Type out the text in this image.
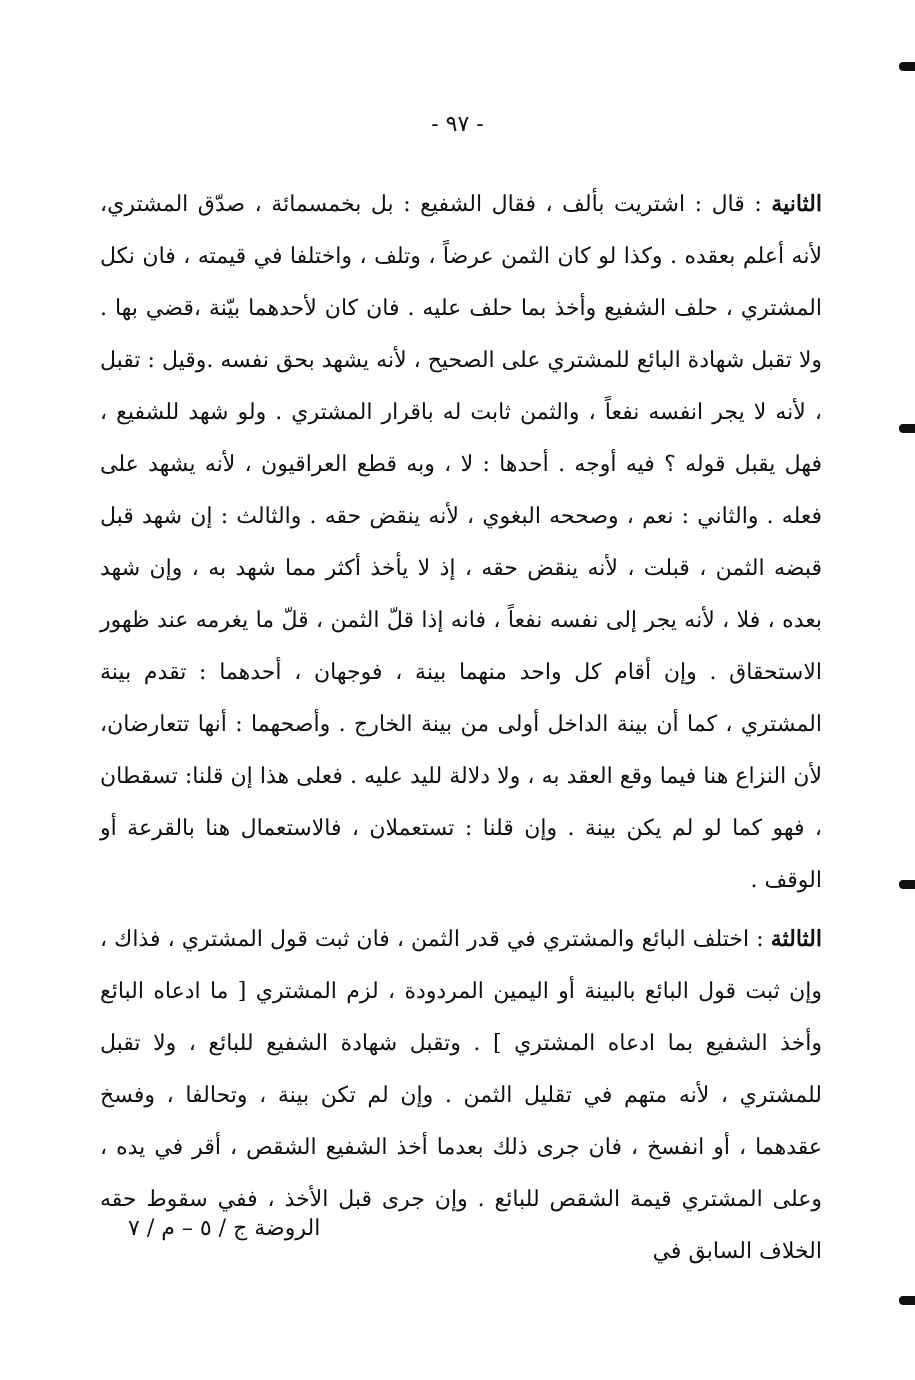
- ٩٧ -

الثانية : قال : اشتريت بألف ، فقال الشفيع : بل بخمسمائة ، صدّق المشتري، لأنه أعلم بعقده . وكذا لو كان الثمن عرضاً ، وتلف ، واختلفا في قيمته ، فان نكل المشتري ، حلف الشفيع وأخذ بما حلف عليه . فان كان لأحدهما بيّنة ،قضي بها . ولا تقبل شهادة البائع للمشتري على الصحيح ، لأنه يشهد بحق نفسه .وقيل : تقبل ، لأنه لا يجر انفسه نفعاً ، والثمن ثابت له باقرار المشتري . ولو شهد للشفيع ، فهل يقبل قوله ؟ فيه أوجه . أحدها : لا ، وبه قطع العراقيون ، لأنه يشهد على فعله . والثاني : نعم ، وصححه البغوي ، لأنه ينقض حقه . والثالث : إن شهد قبل قبضه الثمن ، قبلت ، لأنه ينقض حقه ، إذ لا يأخذ أكثر مما شهد به ، وإن شهد بعده ، فلا ، لأنه يجر إلى نفسه نفعاً ، فانه إذا قلّ الثمن ، قلّ ما يغرمه عند ظهور الاستحقاق . وإن أقام كل واحد منهما بينة ، فوجهان ، أحدهما : تقدم بينة المشتري ، كما أن بينة الداخل أولى من بينة الخارج . وأصحهما : أنها تتعارضان، لأن النزاع هنا فيما وقع العقد به ، ولا دلالة لليد عليه . فعلى هذا إن قلنا: تسقطان ، فهو كما لو لم يكن بينة . وإن قلنا : تستعملان ، فالاستعمال هنا بالقرعة أو الوقف .

الثالثة : اختلف البائع والمشتري في قدر الثمن ، فان ثبت قول المشتري ، فذاك ، وإن ثبت قول البائع بالبينة أو اليمين المردودة ، لزم المشتري [ ما ادعاه البائع وأخذ الشفيع بما ادعاه المشتري ] . وتقبل شهادة الشفيع للبائع ، ولا تقبل للمشتري ، لأنه متهم في تقليل الثمن . وإن لم تكن بينة ، وتحالفا ، وفسخ عقدهما ، أو انفسخ ، فان جرى ذلك بعدما أخذ الشفيع الشقص ، أقر في يده ، وعلى المشتري قيمة الشقص للبائع . وإن جرى قبل الأخذ ، ففي سقوط حقه الخلاف السابق في

الروضة ج / ٥ – م / ٧
